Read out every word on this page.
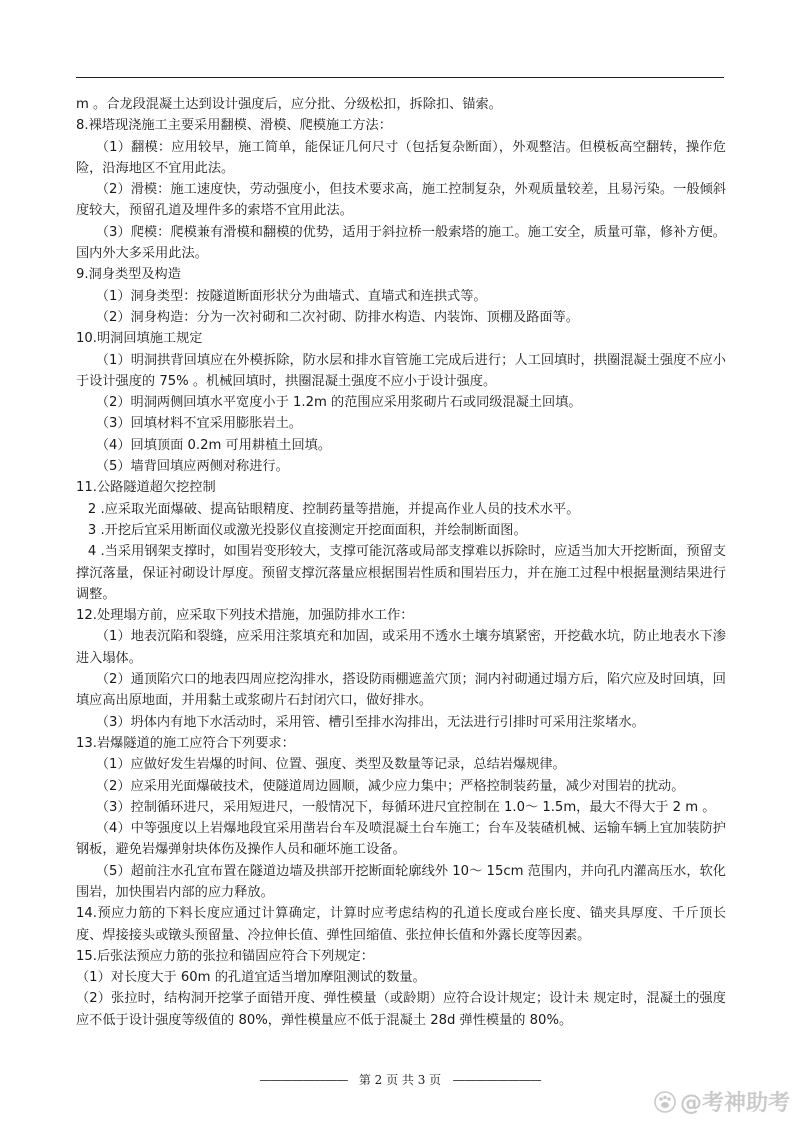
m 。合龙段混凝土达到设计强度后，应分批、分级松扣，拆除扣、锚索。

8.裸塔现浇施工主要采用翻模、滑模、爬模施工方法：

（1）翻模：应用较早，施工简单，能保证几何尺寸（包括复杂断面），外观整洁。但模板高空翻转，操作危险，沿海地区不宜用此法。

（2）滑模：施工速度快，劳动强度小，但技术要求高，施工控制复杂，外观质量较差，且易污染。一般倾斜度较大，预留孔道及埋件多的索塔不宜用此法。

（3）爬模：爬模兼有滑模和翻模的优势，适用于斜拉桥一般索塔的施工。施工安全，质量可靠，修补方便。国内外大多采用此法。

9.洞身类型及构造

（1）洞身类型：按隧道断面形状分为曲墙式、直墙式和连拱式等。

（2）洞身构造：分为一次衬砌和二次衬砌、防排水构造、内装饰、顶棚及路面等。

10.明洞回填施工规定

（1）明洞拱背回填应在外模拆除，防水层和排水盲管施工完成后进行；人工回填时，拱圈混凝土强度不应小于设计强度的 75% 。机械回填时，拱圈混凝土强度不应小于设计强度。

（2）明洞两侧回填水平宽度小于 1.2m 的范围应采用浆砌片石或同级混凝土回填。

（3）回填材料不宜采用膨胀岩土。

（4）回填顶面 0.2m 可用耕植土回填。

（5）墙背回填应两侧对称进行。

11.公路隧道超欠挖控制

2 .应采取光面爆破、提高钻眼精度、控制药量等措施，并提高作业人员的技术水平。

3 .开挖后宜采用断面仪或激光投影仪直接测定开挖面面积，并绘制断面图。

4 .当采用钢架支撑时，如围岩变形较大，支撑可能沉落或局部支撑难以拆除时，应适当加大开挖断面，预留支撑沉落量，保证衬砌设计厚度。预留支撑沉落量应根据围岩性质和围岩压力，并在施工过程中根据量测结果进行调整。

12.处理塌方前，应采取下列技术措施，加强防排水工作：

（1）地表沉陷和裂缝，应采用注浆填充和加固，或采用不透水土壤夯填紧密，开挖截水坑，防止地表水下渗进入塌体。

（2）通顶陷穴口的地表四周应挖沟排水，搭设防雨棚遮盖穴顶；洞内衬砌通过塌方后，陷穴应及时回填，回填应高出原地面，并用黏土或浆砌片石封闭穴口，做好排水。

（3）坍体内有地下水活动时，采用管、槽引至排水沟排出，无法进行引排时可采用注浆堵水。

13.岩爆隧道的施工应符合下列要求：

（1）应做好发生岩爆的时间、位置、强度、类型及数量等记录，总结岩爆规律。

（2）应采用光面爆破技术，使隧道周边圆顺，减少应力集中；严格控制装药量，减少对围岩的扰动。

（3）控制循环进尺，采用短进尺，一般情况下，每循环进尺宜控制在 1.0～ 1.5m，最大不得大于 2 m 。

（4）中等强度以上岩爆地段宜采用凿岩台车及喷混凝土台车施工；台车及装碴机械、运输车辆上宜加装防护钢板，避免岩爆弹射块体伤及操作人员和砸坏施工设备。

（5）超前注水孔宜布置在隧道边墙及拱部开挖断面轮廓线外 10～ 15cm 范围内，并向孔内灌高压水，软化围岩，加快围岩内部的应力释放。

14.预应力筋的下料长度应通过计算确定，计算时应考虑结构的孔道长度或台座长度、锚夹具厚度、千斤顶长度、焊接接头或镦头预留量、冷拉伸长值、弹性回缩值、张拉伸长值和外露长度等因素。

15.后张法预应力筋的张拉和锚固应符合下列规定：

（1）对长度大于 60m 的孔道宜适当增加摩阻测试的数量。

（2）张拉时，结构洞开挖掌子面错开度、弹性模量（或龄期）应符合设计规定；设计未 规定时，混凝土的强度应不低于设计强度等级值的 80%，弹性模量应不低于混凝土 28d 弹性模量的 80%。

———————— 第 2 页 共 3 页 ————————
@考神助考
